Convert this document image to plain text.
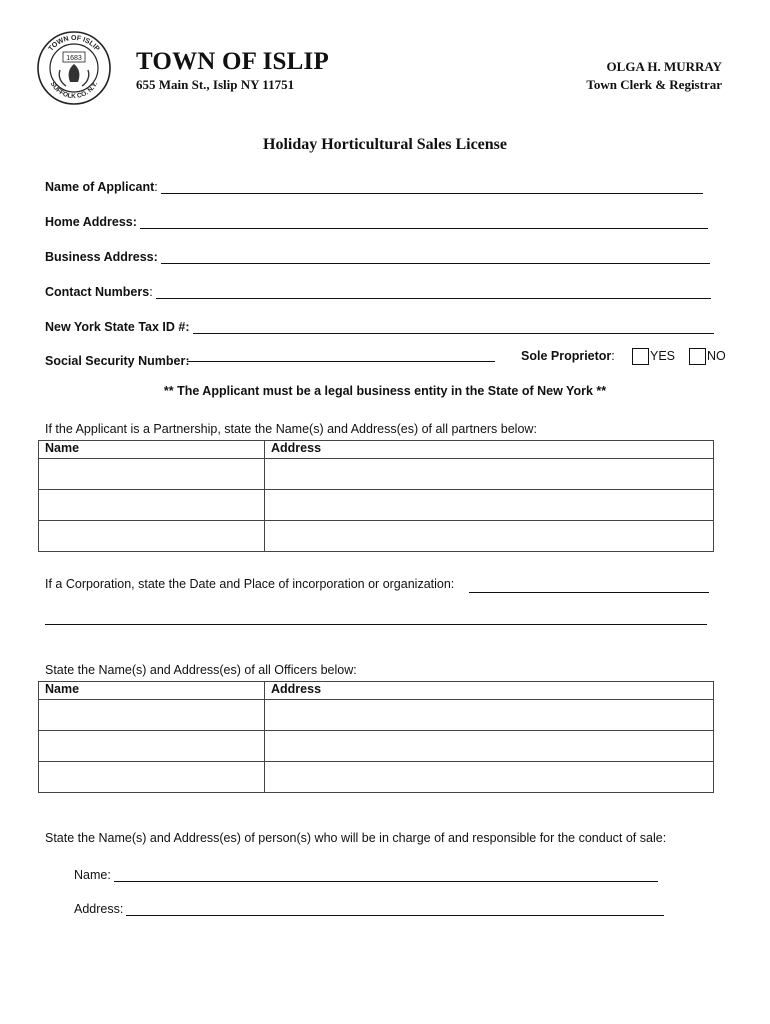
TOWN OF ISLIP
SUFFOLK CO. N.Y.
1683 TOWN OF ISLIP
655 Main St., Islip NY 11751
OLGA H. MURRAY
Town Clerk & Registrar
Holiday Horticultural Sales License
Name of Applicant :
Home Address:
Business Address:
Contact Numbers :
New York State Tax ID #:
Social Security Number:	Sole Proprietor:	YES	NO
** The Applicant must be a legal business entity in the State of New York **
If the Applicant is a Partnership, state the Name(s) and Address(es) of all partners below:
Name	Address

If a Corporation, state the Date and Place of incorporation or organization:
State the Name(s) and Address(es) of all Officers below:
Name	Address

State the Name(s) and Address(es) of person(s) who will be in charge of and responsible for the conduct of sale:
Name:
Address:
